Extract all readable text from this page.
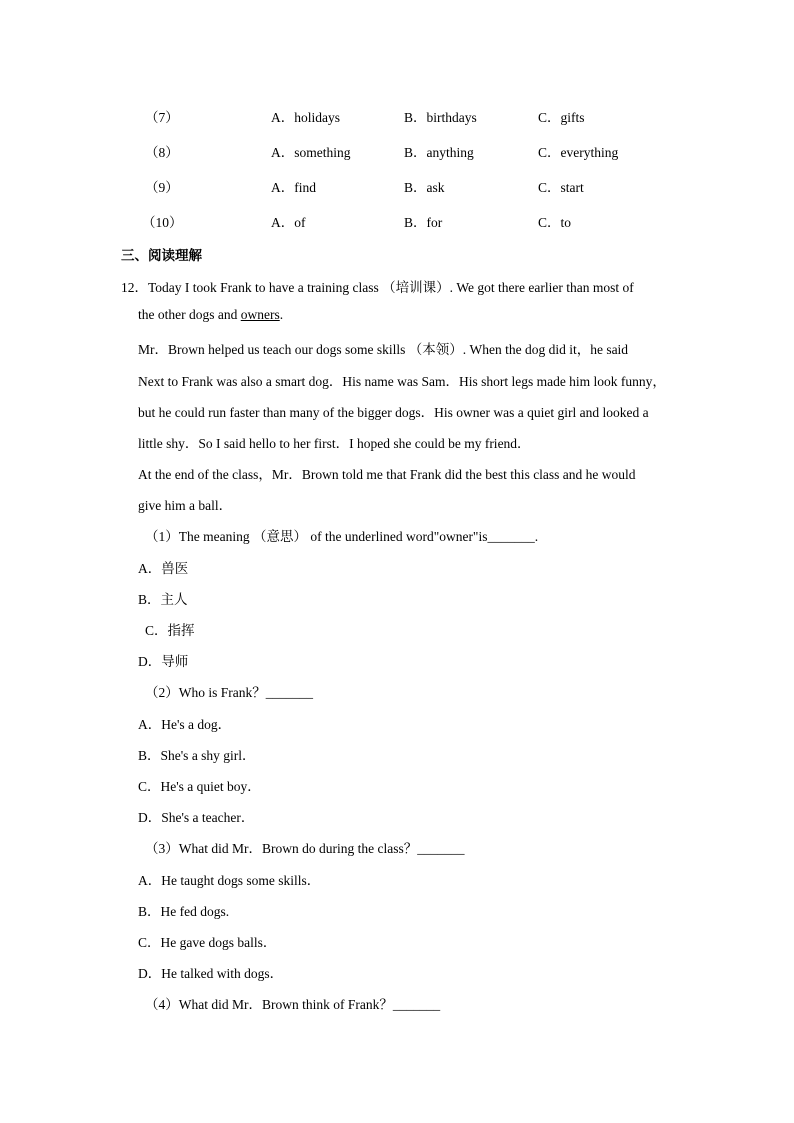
（7）	A．holidays	B．birthdays	C．gifts
（8）	A．something	B．anything	C．everything
（9）	A．find	B．ask	C．start
（10）	A．of	B．for	C．to
三、阅读理解
12．Today I took Frank to have a training class （培训课）. We got there earlier than most of
the other dogs and owners.
Mr．Brown helped us teach our dogs some skills （本领）. When the dog did it，he said
Next to Frank was also a smart dog．His name was Sam．His short legs made him look funny，
but he could run faster than many of the bigger dogs．His owner was a quiet girl and looked a
little shy．So I said hello to her first．I hoped she could be my friend．
At the end of the class，Mr．Brown told me that Frank did the best this class and he would
give him a ball．
（1）The meaning （意思） of the underlined word"owner"is_______.
A．兽医
B．主人
C．指挥
D．导师
（2）Who is Frank？_______
A．He's a dog．
B．She's a shy girl．
C．He's a quiet boy．
D．She's a teacher．
（3）What did Mr．Brown do during the class？_______
A．He taught dogs some skills．
B．He fed dogs.
C．He gave dogs balls．
D．He talked with dogs．
（4）What did Mr．Brown think of Frank？_______
